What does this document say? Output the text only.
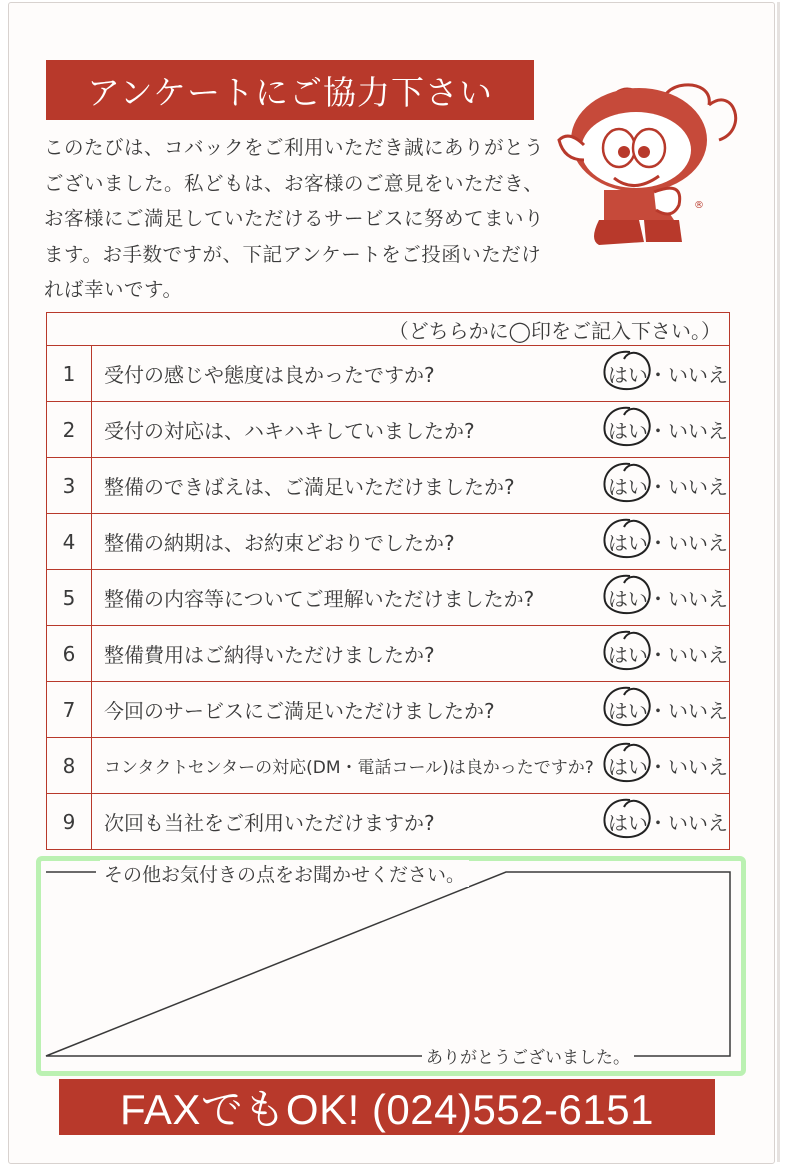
アンケートにご協力下さい
このたびは、コバックをご利用いただき誠にありがとうございました。私どもは、お客様のご意見をいただき、お客様にご満足していただけるサービスに努めてまいります。お手数ですが、下記アンケートをご投函いただければ幸いです。
®
（どちらかに◯印をご記入下さい。）		
1	受付の感じや態度は良かったですか?	はい・いいえ
2	受付の対応は、ハキハキしていましたか?	はい・いいえ
3	整備のできばえは、ご満足いただけましたか?	はい・いいえ
4	整備の納期は、お約束どおりでしたか?	はい・いいえ
5	整備の内容等についてご理解いただけましたか?	はい・いいえ
6	整備費用はご納得いただけましたか?	はい・いいえ
7	今回のサービスにご満足いただけましたか?	はい・いいえ
8	コンタクトセンターの対応(DM・電話コール)は良かったですか?	はい・いいえ
9	次回も当社をご利用いただけますか?	はい・いいえ
その他お気付きの点をお聞かせください。
ありがとうございました。
FAXでもOK! (024)552-6151
